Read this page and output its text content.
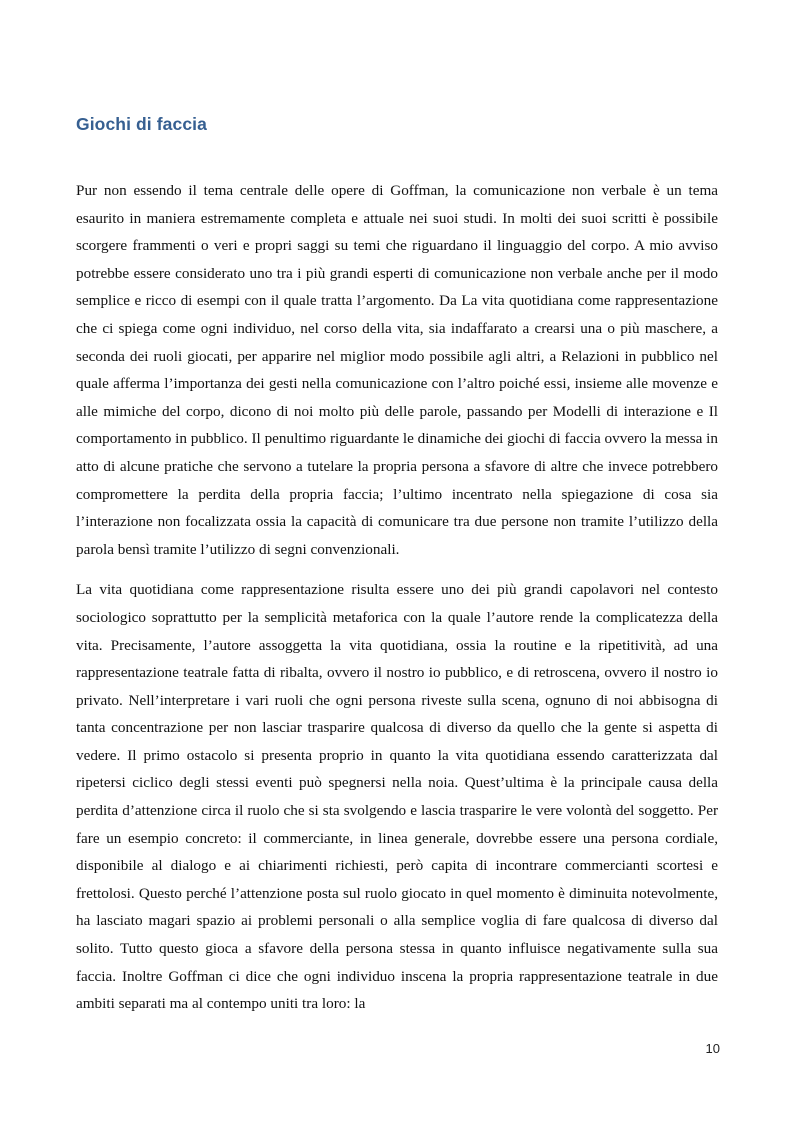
Giochi di faccia

Pur non essendo il tema centrale delle opere di Goffman, la comunicazione non verbale è un tema esaurito in maniera estremamente completa e attuale nei suoi studi. In molti dei suoi scritti è possibile scorgere frammenti o veri e propri saggi su temi che riguardano il linguaggio del corpo. A mio avviso potrebbe essere considerato uno tra i più grandi esperti di comunicazione non verbale anche per il modo semplice e ricco di esempi con il quale tratta l’argomento. Da La vita quotidiana come rappresentazione che ci spiega come ogni individuo, nel corso della vita, sia indaffarato a crearsi una o più maschere, a seconda dei ruoli giocati, per apparire nel miglior modo possibile agli altri, a Relazioni in pubblico nel quale afferma l’importanza dei gesti nella comunicazione con l’altro poiché essi, insieme alle movenze e alle mimiche del corpo, dicono di noi molto più delle parole, passando per Modelli di interazione e Il comportamento in pubblico. Il penultimo riguardante le dinamiche dei giochi di faccia ovvero la messa in atto di alcune pratiche che servono a tutelare la propria persona a sfavore di altre che invece potrebbero compromettere la perdita della propria faccia; l’ultimo incentrato nella spiegazione di cosa sia l’interazione non focalizzata ossia la capacità di comunicare tra due persone non tramite l’utilizzo della parola bensì tramite l’utilizzo di segni convenzionali.

La vita quotidiana come rappresentazione risulta essere uno dei più grandi capolavori nel contesto sociologico soprattutto per la semplicità metaforica con la quale l’autore rende la complicatezza della vita. Precisamente, l’autore assoggetta la vita quotidiana, ossia la routine e la ripetitività, ad una rappresentazione teatrale fatta di ribalta, ovvero il nostro io pubblico, e di retroscena, ovvero il nostro io privato. Nell’interpretare i vari ruoli che ogni persona riveste sulla scena, ognuno di noi abbisogna di tanta concentrazione per non lasciar trasparire qualcosa di diverso da quello che la gente si aspetta di vedere. Il primo ostacolo si presenta proprio in quanto la vita quotidiana essendo caratterizzata dal ripetersi ciclico degli stessi eventi può spegnersi nella noia. Quest’ultima è la principale causa della perdita d’attenzione circa il ruolo che si sta svolgendo e lascia trasparire le vere volontà del soggetto. Per fare un esempio concreto: il commerciante, in linea generale, dovrebbe essere una persona cordiale, disponibile al dialogo e ai chiarimenti richiesti, però capita di incontrare commercianti scortesi e frettolosi. Questo perché l’attenzione posta sul ruolo giocato in quel momento è diminuita notevolmente, ha lasciato magari spazio ai problemi personali o alla semplice voglia di fare qualcosa di diverso dal solito. Tutto questo gioca a sfavore della persona stessa in quanto influisce negativamente sulla sua faccia. Inoltre Goffman ci dice che ogni individuo inscena la propria rappresentazione teatrale in due ambiti separati ma al contempo uniti tra loro: la

10
